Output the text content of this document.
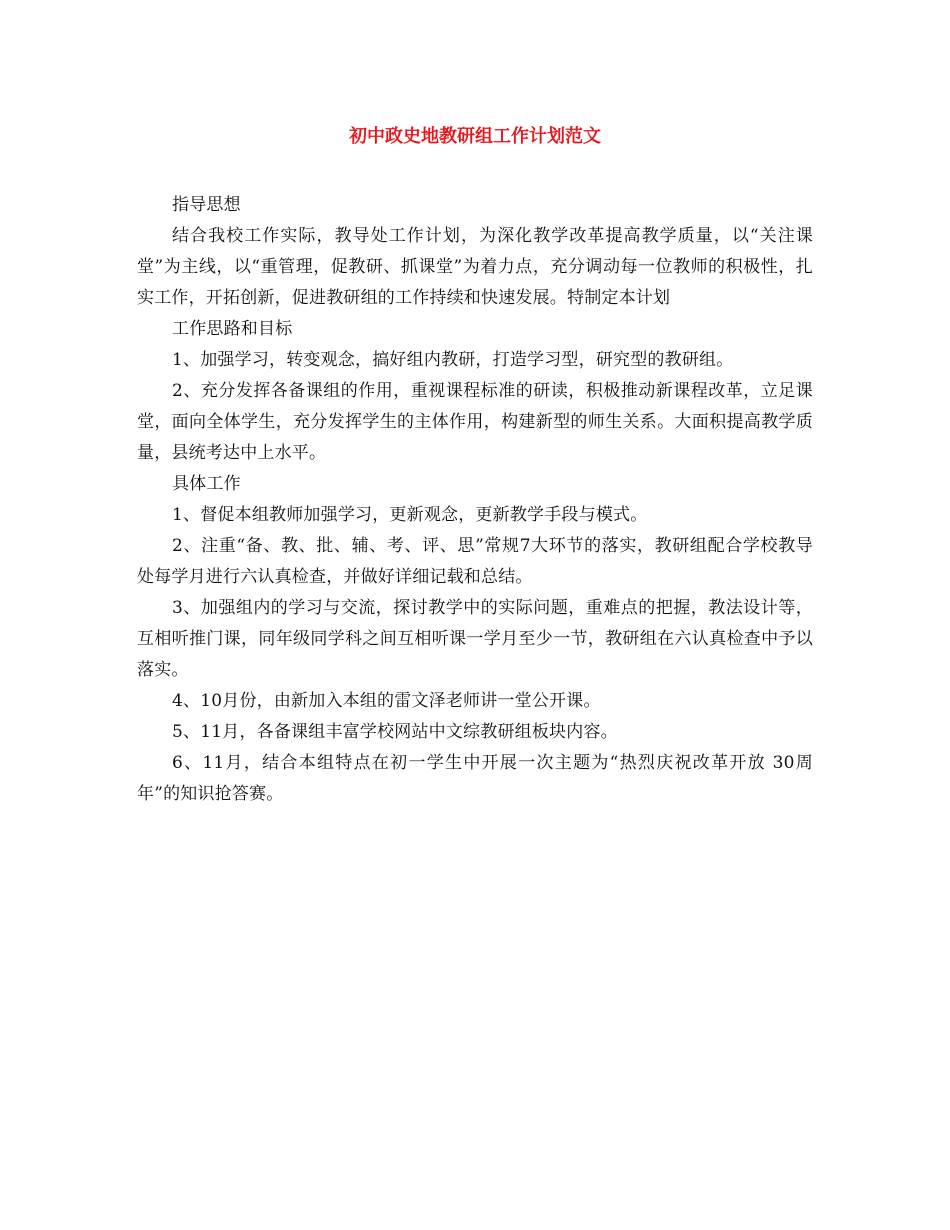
初中政史地教研组工作计划范文

指导思想

结合我校工作实际，教导处工作计划，为深化教学改革提高教学质量，以“关注课堂”为主线，以“重管理，促教研、抓课堂”为着力点，充分调动每一位教师的积极性，扎实工作，开拓创新，促进教研组的工作持续和快速发展。特制定本计划

工作思路和目标

1、加强学习，转变观念，搞好组内教研，打造学习型，研究型的教研组。

2、充分发挥各备课组的作用，重视课程标准的研读，积极推动新课程改革，立足课堂，面向全体学生，充分发挥学生的主体作用，构建新型的师生关系。大面积提高教学质量，县统考达中上水平。

具体工作

1、督促本组教师加强学习，更新观念，更新教学手段与模式。

2、注重“备、教、批、辅、考、评、思”常规7大环节的落实，教研组配合学校教导处每学月进行六认真检查，并做好详细记载和总结。

3、加强组内的学习与交流，探讨教学中的实际问题，重难点的把握，教法设计等，互相听推门课，同年级同学科之间互相听课一学月至少一节，教研组在六认真检查中予以落实。

4、10月份，由新加入本组的雷文泽老师讲一堂公开课。

5、11月，各备课组丰富学校网站中文综教研组板块内容。

6、11月，结合本组特点在初一学生中开展一次主题为“热烈庆祝改革开放 30周年”的知识抢答赛。
